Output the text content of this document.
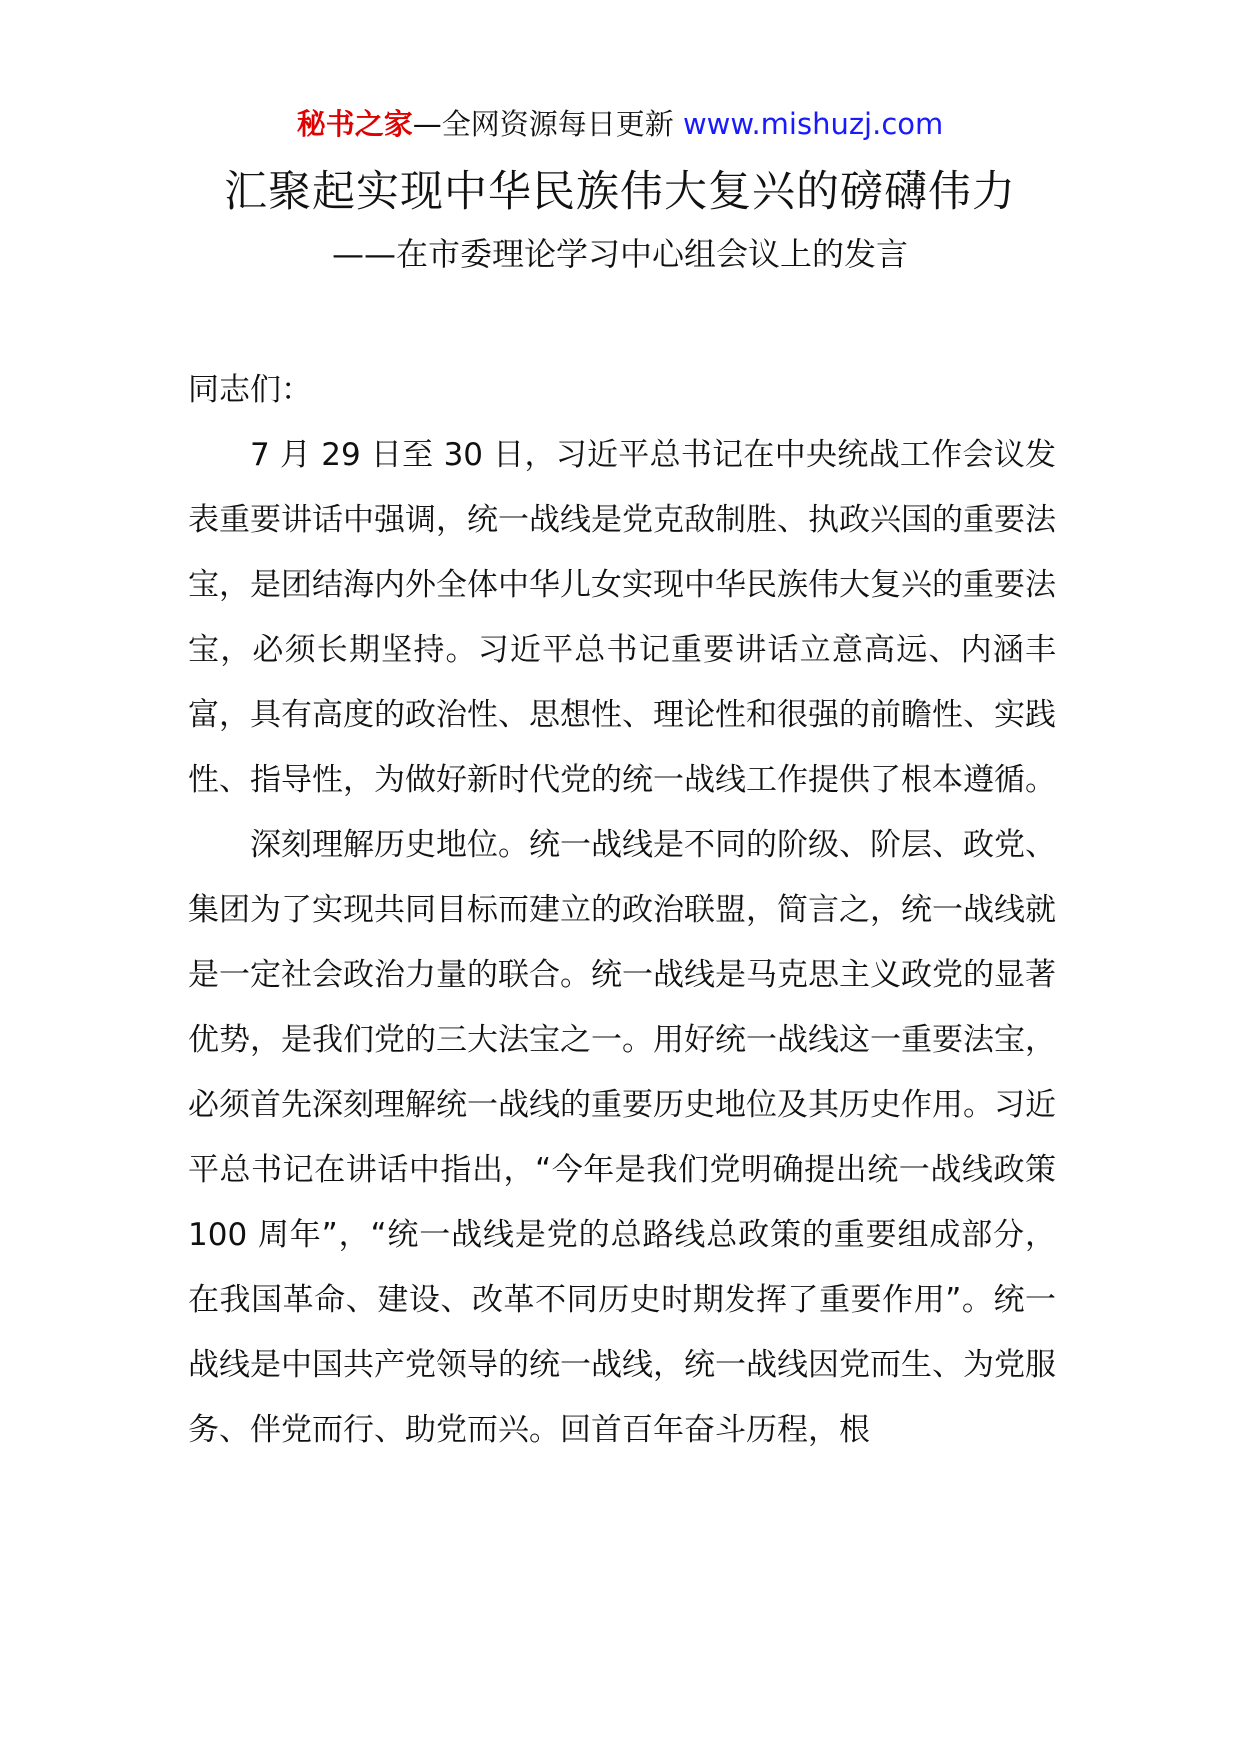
秘书之家—全网资源每日更新 www.mishuzj.com
汇聚起实现中华民族伟大复兴的磅礴伟力
——在市委理论学习中心组会议上的发言

同志们：

7 月 29 日至 30 日，习近平总书记在中央统战工作会议发表重要讲话中强调，统一战线是党克敌制胜、执政兴国的重要法宝，是团结海内外全体中华儿女实现中华民族伟大复兴的重要法宝，必须长期坚持。习近平总书记重要讲话立意高远、内涵丰富，具有高度的政治性、思想性、理论性和很强的前瞻性、实践性、指导性，为做好新时代党的统一战线工作提供了根本遵循。

深刻理解历史地位。统一战线是不同的阶级、阶层、政党、集团为了实现共同目标而建立的政治联盟，简言之，统一战线就是一定社会政治力量的联合。统一战线是马克思主义政党的显著优势，是我们党的三大法宝之一。用好统一战线这一重要法宝，必须首先深刻理解统一战线的重要历史地位及其历史作用。习近平总书记在讲话中指出，“今年是我们党明确提出统一战线政策 100 周年”，“统一战线是党的总路线总政策的重要组成部分，在我国革命、建设、改革不同历史时期发挥了重要作用”。统一战线是中国共产党领导的统一战线，统一战线因党而生、为党服务、伴党而行、助党而兴。回首百年奋斗历程，根
